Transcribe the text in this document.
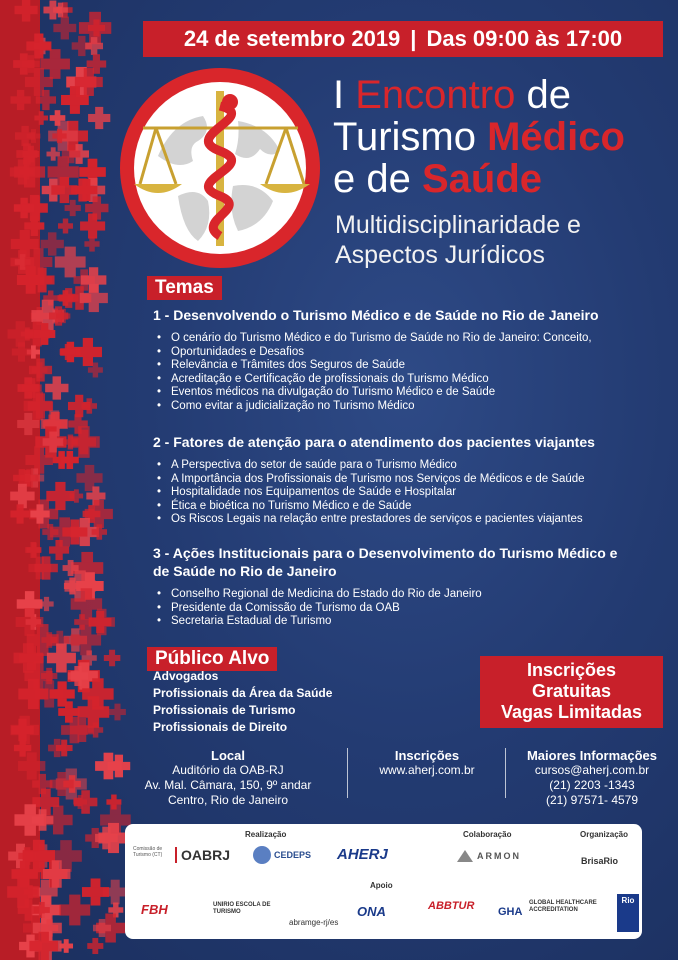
24 de setembro 2019 | Das 09:00 às 17:00
I Encontro de
Turismo Médico
e de Saúde
Multidisciplinaridade e
Aspectos Jurídicos
Temas
1 - Desenvolvendo o Turismo Médico e de Saúde no Rio de Janeiro
• O cenário do Turismo Médico e do Turismo de Saúde no Rio de Janeiro: Conceito,
• Oportunidades e Desafios
• Relevância e Trâmites dos Seguros de Saúde
• Acreditação e Certificação de profissionais do Turismo Médico
• Eventos médicos na divulgação do Turismo Médico e de Saúde
• Como evitar a judicialização no Turismo Médico
2 - Fatores de atenção para o atendimento dos pacientes viajantes
• A Perspectiva do setor de saúde para o Turismo Médico
• A Importância dos Profissionais de Turismo nos Serviços de Médicos e de Saúde
• Hospitalidade nos Equipamentos de Saúde e Hospitalar
• Ética e bioética no Turismo Médico e de Saúde
• Os Riscos Legais na relação entre prestadores de serviços e pacientes viajantes
3 - Ações Institucionais para o Desenvolvimento do Turismo Médico e
de Saúde no Rio de Janeiro
• Conselho Regional de Medicina do Estado do Rio de Janeiro
• Presidente da Comissão de Turismo da OAB
• Secretaria Estadual de Turismo
Público Alvo
Advogados
Profissionais da Área da Saúde
Profissionais de Turismo
Profissionais de Direito
Inscrições
Gratuitas
Vagas Limitadas
Local
Auditório da OAB-RJ
Av. Mal. Câmara, 150, 9º andar
Centro, Rio de Janeiro
Inscrições
www.aherj.com.br
Maiores Informações
cursos@aherj.com.br
(21) 2203 -1343
(21) 97571- 4579
Realização	Colaboração	Organização
Apoio
Comissão de Turismo (CT)	OABRJ	CEDEPS AHERJ	ARMON	BrisaRio
FBH	UNIRIO ESCOLA DE TURISMO
abramge-rj/es
ONA	ABBTUR GHA
GLOBAL HEALTHCARE ACCREDITATION
Rio
